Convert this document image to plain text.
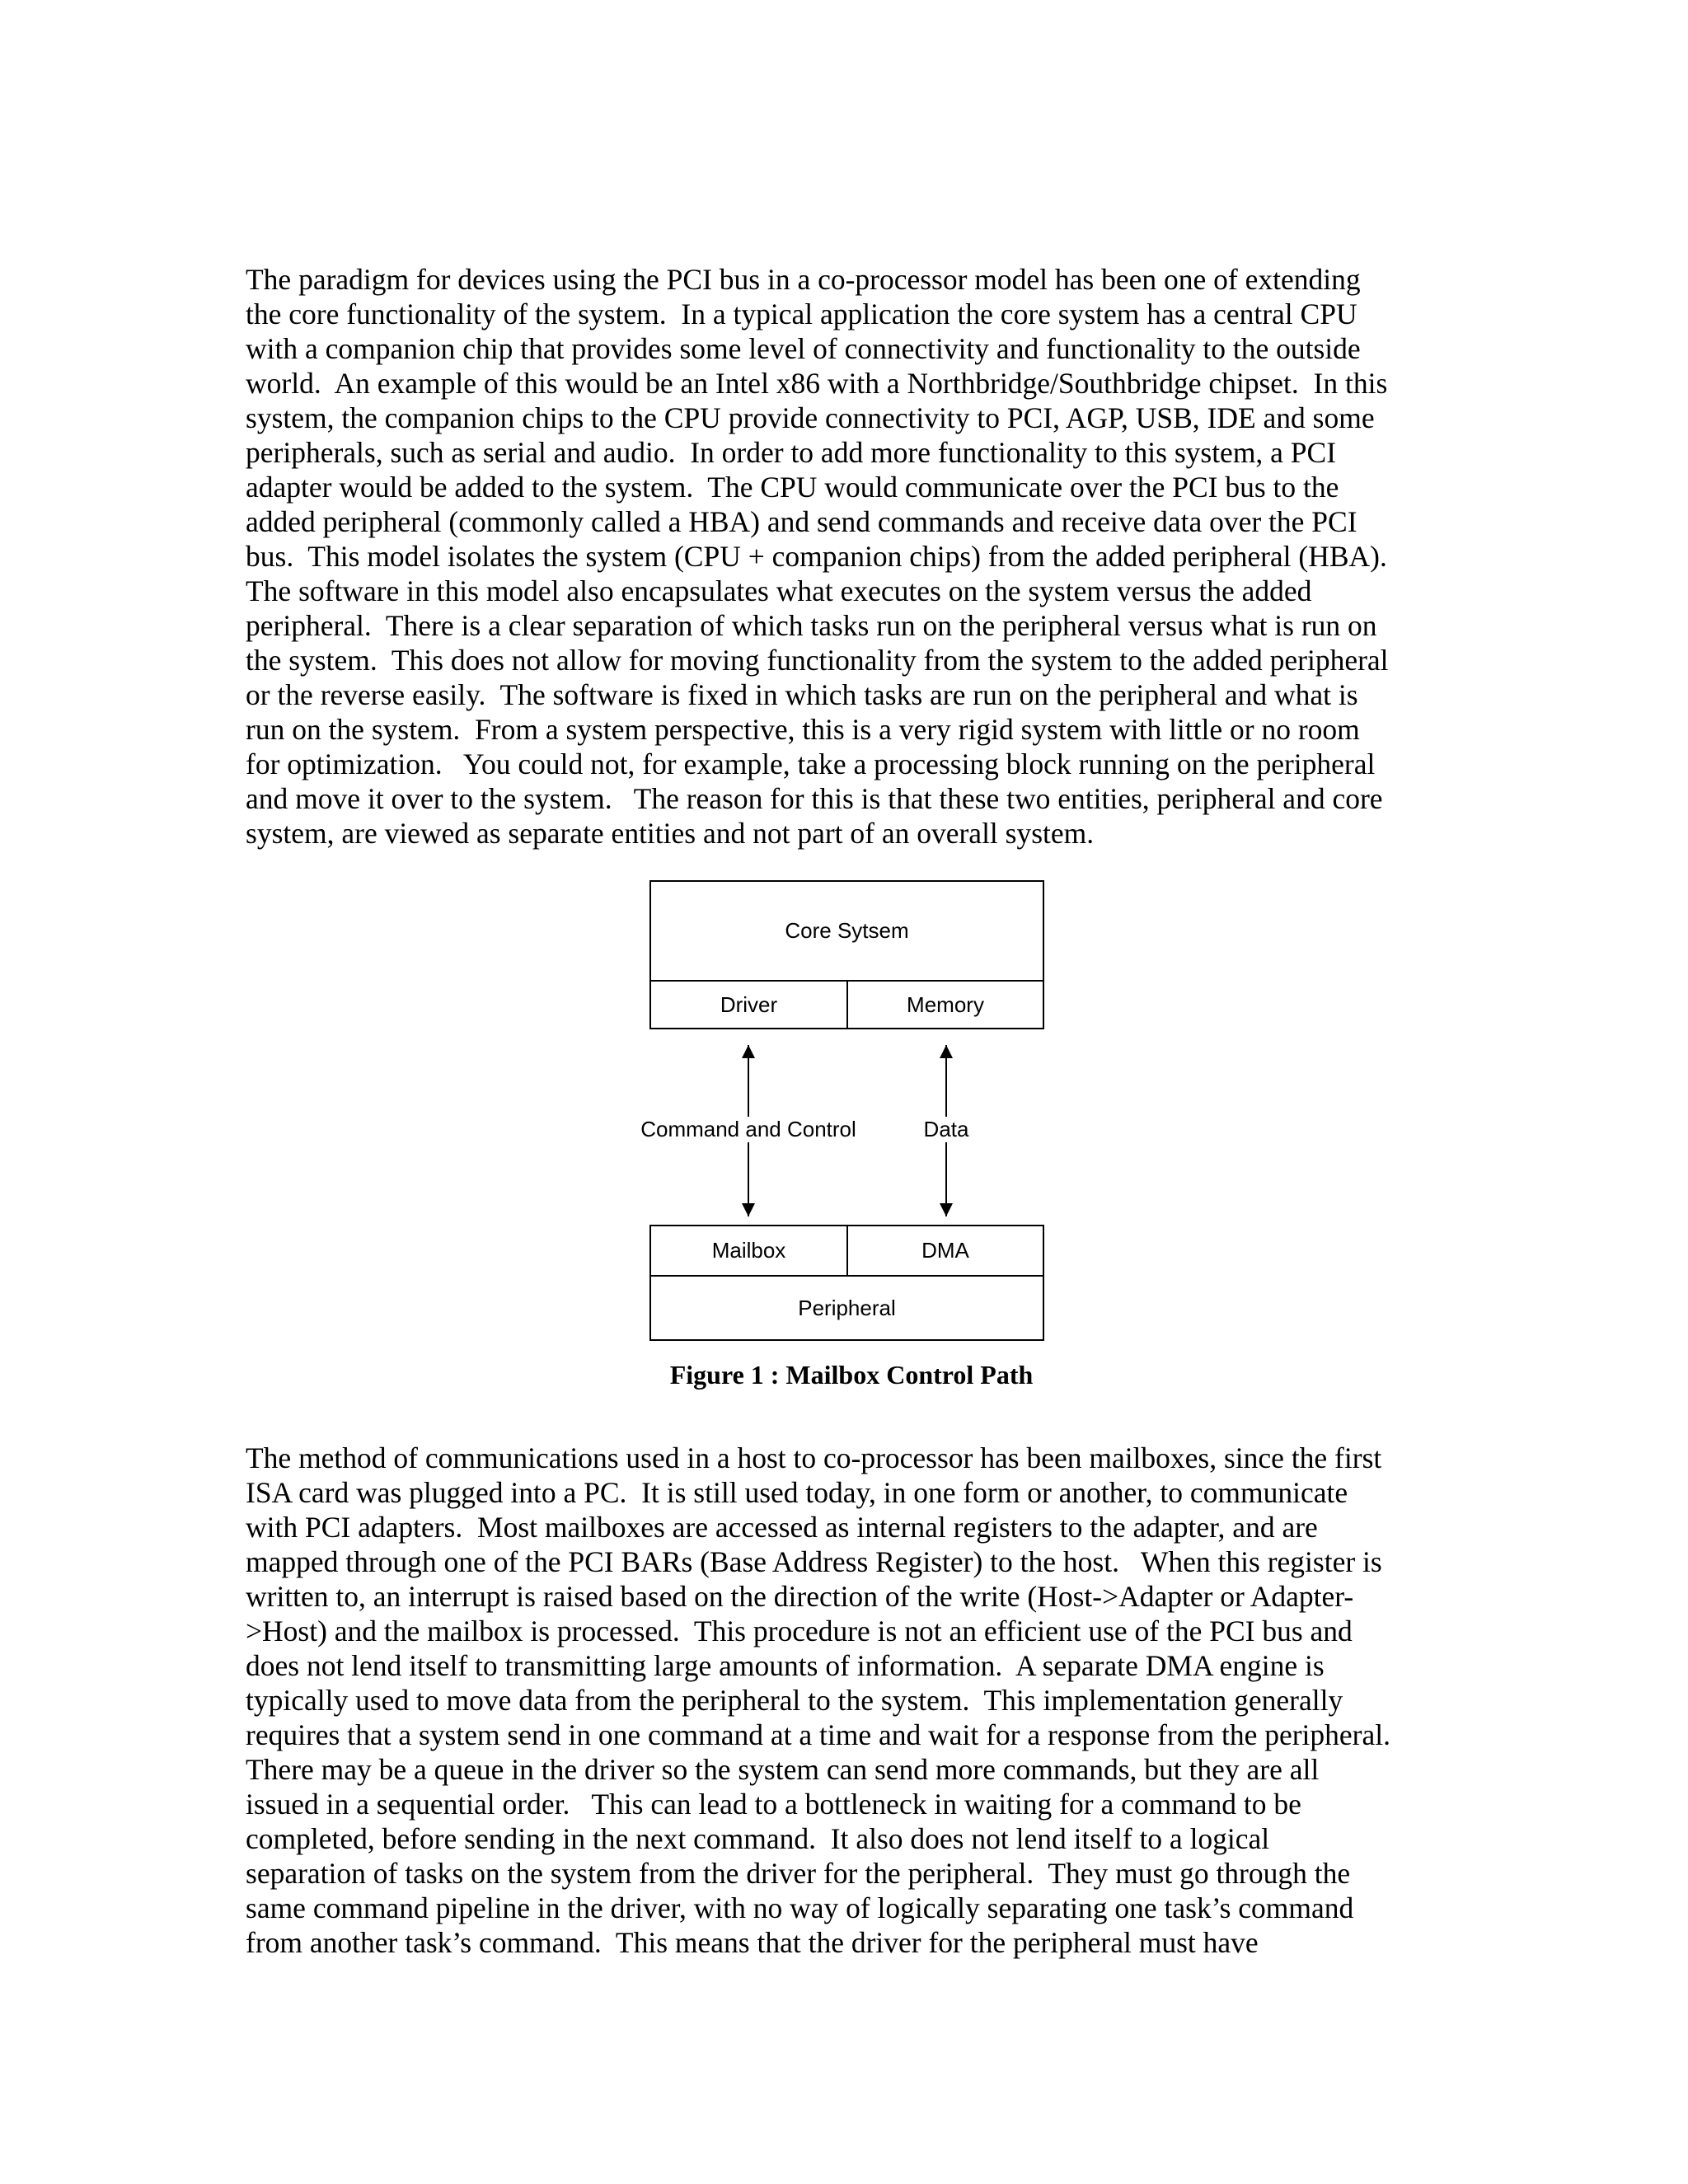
The paradigm for devices using the PCI bus in a co-processor model has been one of extending
the core functionality of the system.  In a typical application the core system has a central CPU
with a companion chip that provides some level of connectivity and functionality to the outside
world.  An example of this would be an Intel x86 with a Northbridge/Southbridge chipset.  In this
system, the companion chips to the CPU provide connectivity to PCI, AGP, USB, IDE and some
peripherals, such as serial and audio.  In order to add more functionality to this system, a PCI
adapter would be added to the system.  The CPU would communicate over the PCI bus to the
added peripheral (commonly called a HBA) and send commands and receive data over the PCI
bus.  This model isolates the system (CPU + companion chips) from the added peripheral (HBA).
The software in this model also encapsulates what executes on the system versus the added
peripheral.  There is a clear separation of which tasks run on the peripheral versus what is run on
the system.  This does not allow for moving functionality from the system to the added peripheral
or the reverse easily.  The software is fixed in which tasks are run on the peripheral and what is
run on the system.  From a system perspective, this is a very rigid system with little or no room
for optimization.   You could not, for example, take a processing block running on the peripheral
and move it over to the system.   The reason for this is that these two entities, peripheral and core
system, are viewed as separate entities and not part of an overall system.
Core Sytsem
Driver	Memory
Command and Control	Data
Mailbox	DMA
Peripheral
Figure 1 : Mailbox Control Path
The method of communications used in a host to co-processor has been mailboxes, since the first
ISA card was plugged into a PC.  It is still used today, in one form or another, to communicate
with PCI adapters.  Most mailboxes are accessed as internal registers to the adapter, and are
mapped through one of the PCI BARs (Base Address Register) to the host.   When this register is
written to, an interrupt is raised based on the direction of the write (Host->Adapter or Adapter-
>Host) and the mailbox is processed.  This procedure is not an efficient use of the PCI bus and
does not lend itself to transmitting large amounts of information.  A separate DMA engine is
typically used to move data from the peripheral to the system.  This implementation generally
requires that a system send in one command at a time and wait for a response from the peripheral.
There may be a queue in the driver so the system can send more commands, but they are all
issued in a sequential order.   This can lead to a bottleneck in waiting for a command to be
completed, before sending in the next command.  It also does not lend itself to a logical
separation of tasks on the system from the driver for the peripheral.  They must go through the
same command pipeline in the driver, with no way of logically separating one task’s command
from another task’s command.  This means that the driver for the peripheral must have
